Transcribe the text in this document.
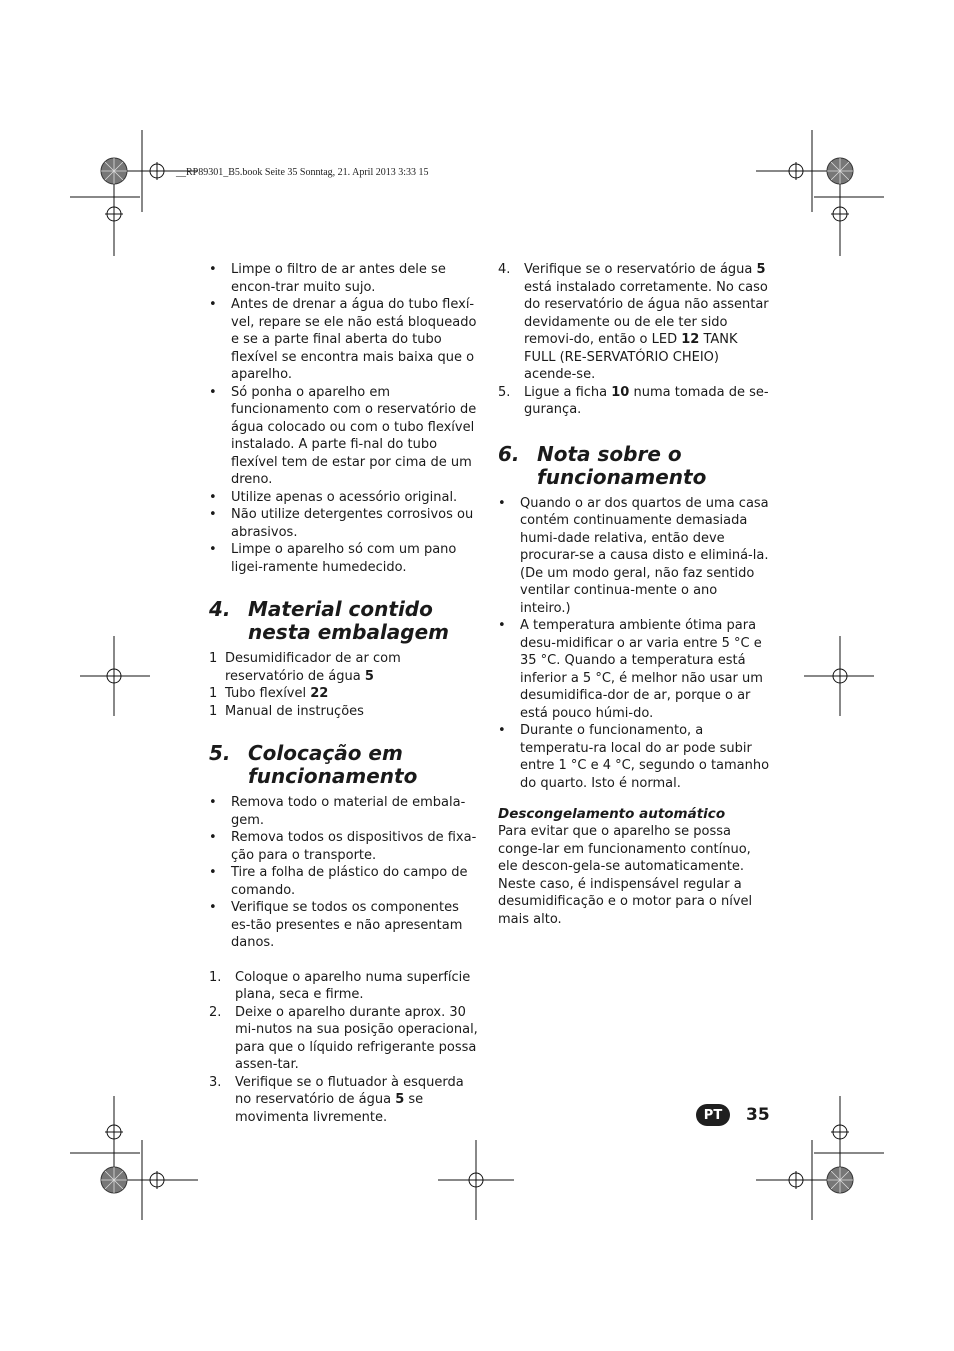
__RP89301_B5.book Seite 35 Sonntag, 21. April 2013 3:33 15
• Limpe o filtro de ar antes dele se encon-trar muito sujo.
• Antes de drenar a água do tubo flexí-vel, repare se ele não está bloqueado e se a parte final aberta do tubo flexível se encontra mais baixa que o aparelho.
• Só ponha o aparelho em funcionamento com o reservatório de água colocado ou com o tubo flexível instalado. A parte fi-nal do tubo flexível tem de estar por cima de um dreno.
• Utilize apenas o acessório original.
• Não utilize detergentes corrosivos ou abrasivos.
• Limpe o aparelho só com um pano ligei-ramente humedecido.
4. Material contido nesta embalagem
1 Desumidificador de ar com reservatório de água 5
1 Tubo flexível 22
1 Manual de instruções
5. Colocação em funcionamento
• Remova todo o material de embala-gem.
• Remova todos os dispositivos de fixa-ção para o transporte.
• Tire a folha de plástico do campo de comando.
• Verifique se todos os componentes es-tão presentes e não apresentam danos.
1. Coloque o aparelho numa superfície plana, seca e firme.
2. Deixe o aparelho durante aprox. 30 mi-nutos na sua posição operacional, para que o líquido refrigerante possa assen-tar.
3. Verifique se o flutuador à esquerda no reservatório de água 5 se movimenta livremente.
4. Verifique se o reservatório de água 5 está instalado corretamente. No caso do reservatório de água não assentar devidamente ou de ele ter sido removi-do, então o LED 12 TANK FULL (RE-SERVATÓRIO CHEIO) acende-se.
5. Ligue a ficha 10 numa tomada de se-gurança.
6. Nota sobre o funcionamento
• Quando o ar dos quartos de uma casa contém continuamente demasiada humi-dade relativa, então deve procurar-se a causa disto e eliminá-la. (De um modo geral, não faz sentido ventilar continua-mente o ano inteiro.)
• A temperatura ambiente ótima para desu-midificar o ar varia entre 5 °C e 35 °C. Quando a temperatura está inferior a 5 °C, é melhor não usar um desumidifica-dor de ar, porque o ar está pouco húmi-do.
• Durante o funcionamento, a temperatu-ra local do ar pode subir entre 1 °C e 4 °C, segundo o tamanho do quarto. Isto é normal.
Descongelamento automático

Para evitar que o aparelho se possa conge-lar em funcionamento contínuo, ele descon-gela-se automaticamente. Neste caso, é indispensável regular a desumidificação e o motor para o nível mais alto.

PT	35
